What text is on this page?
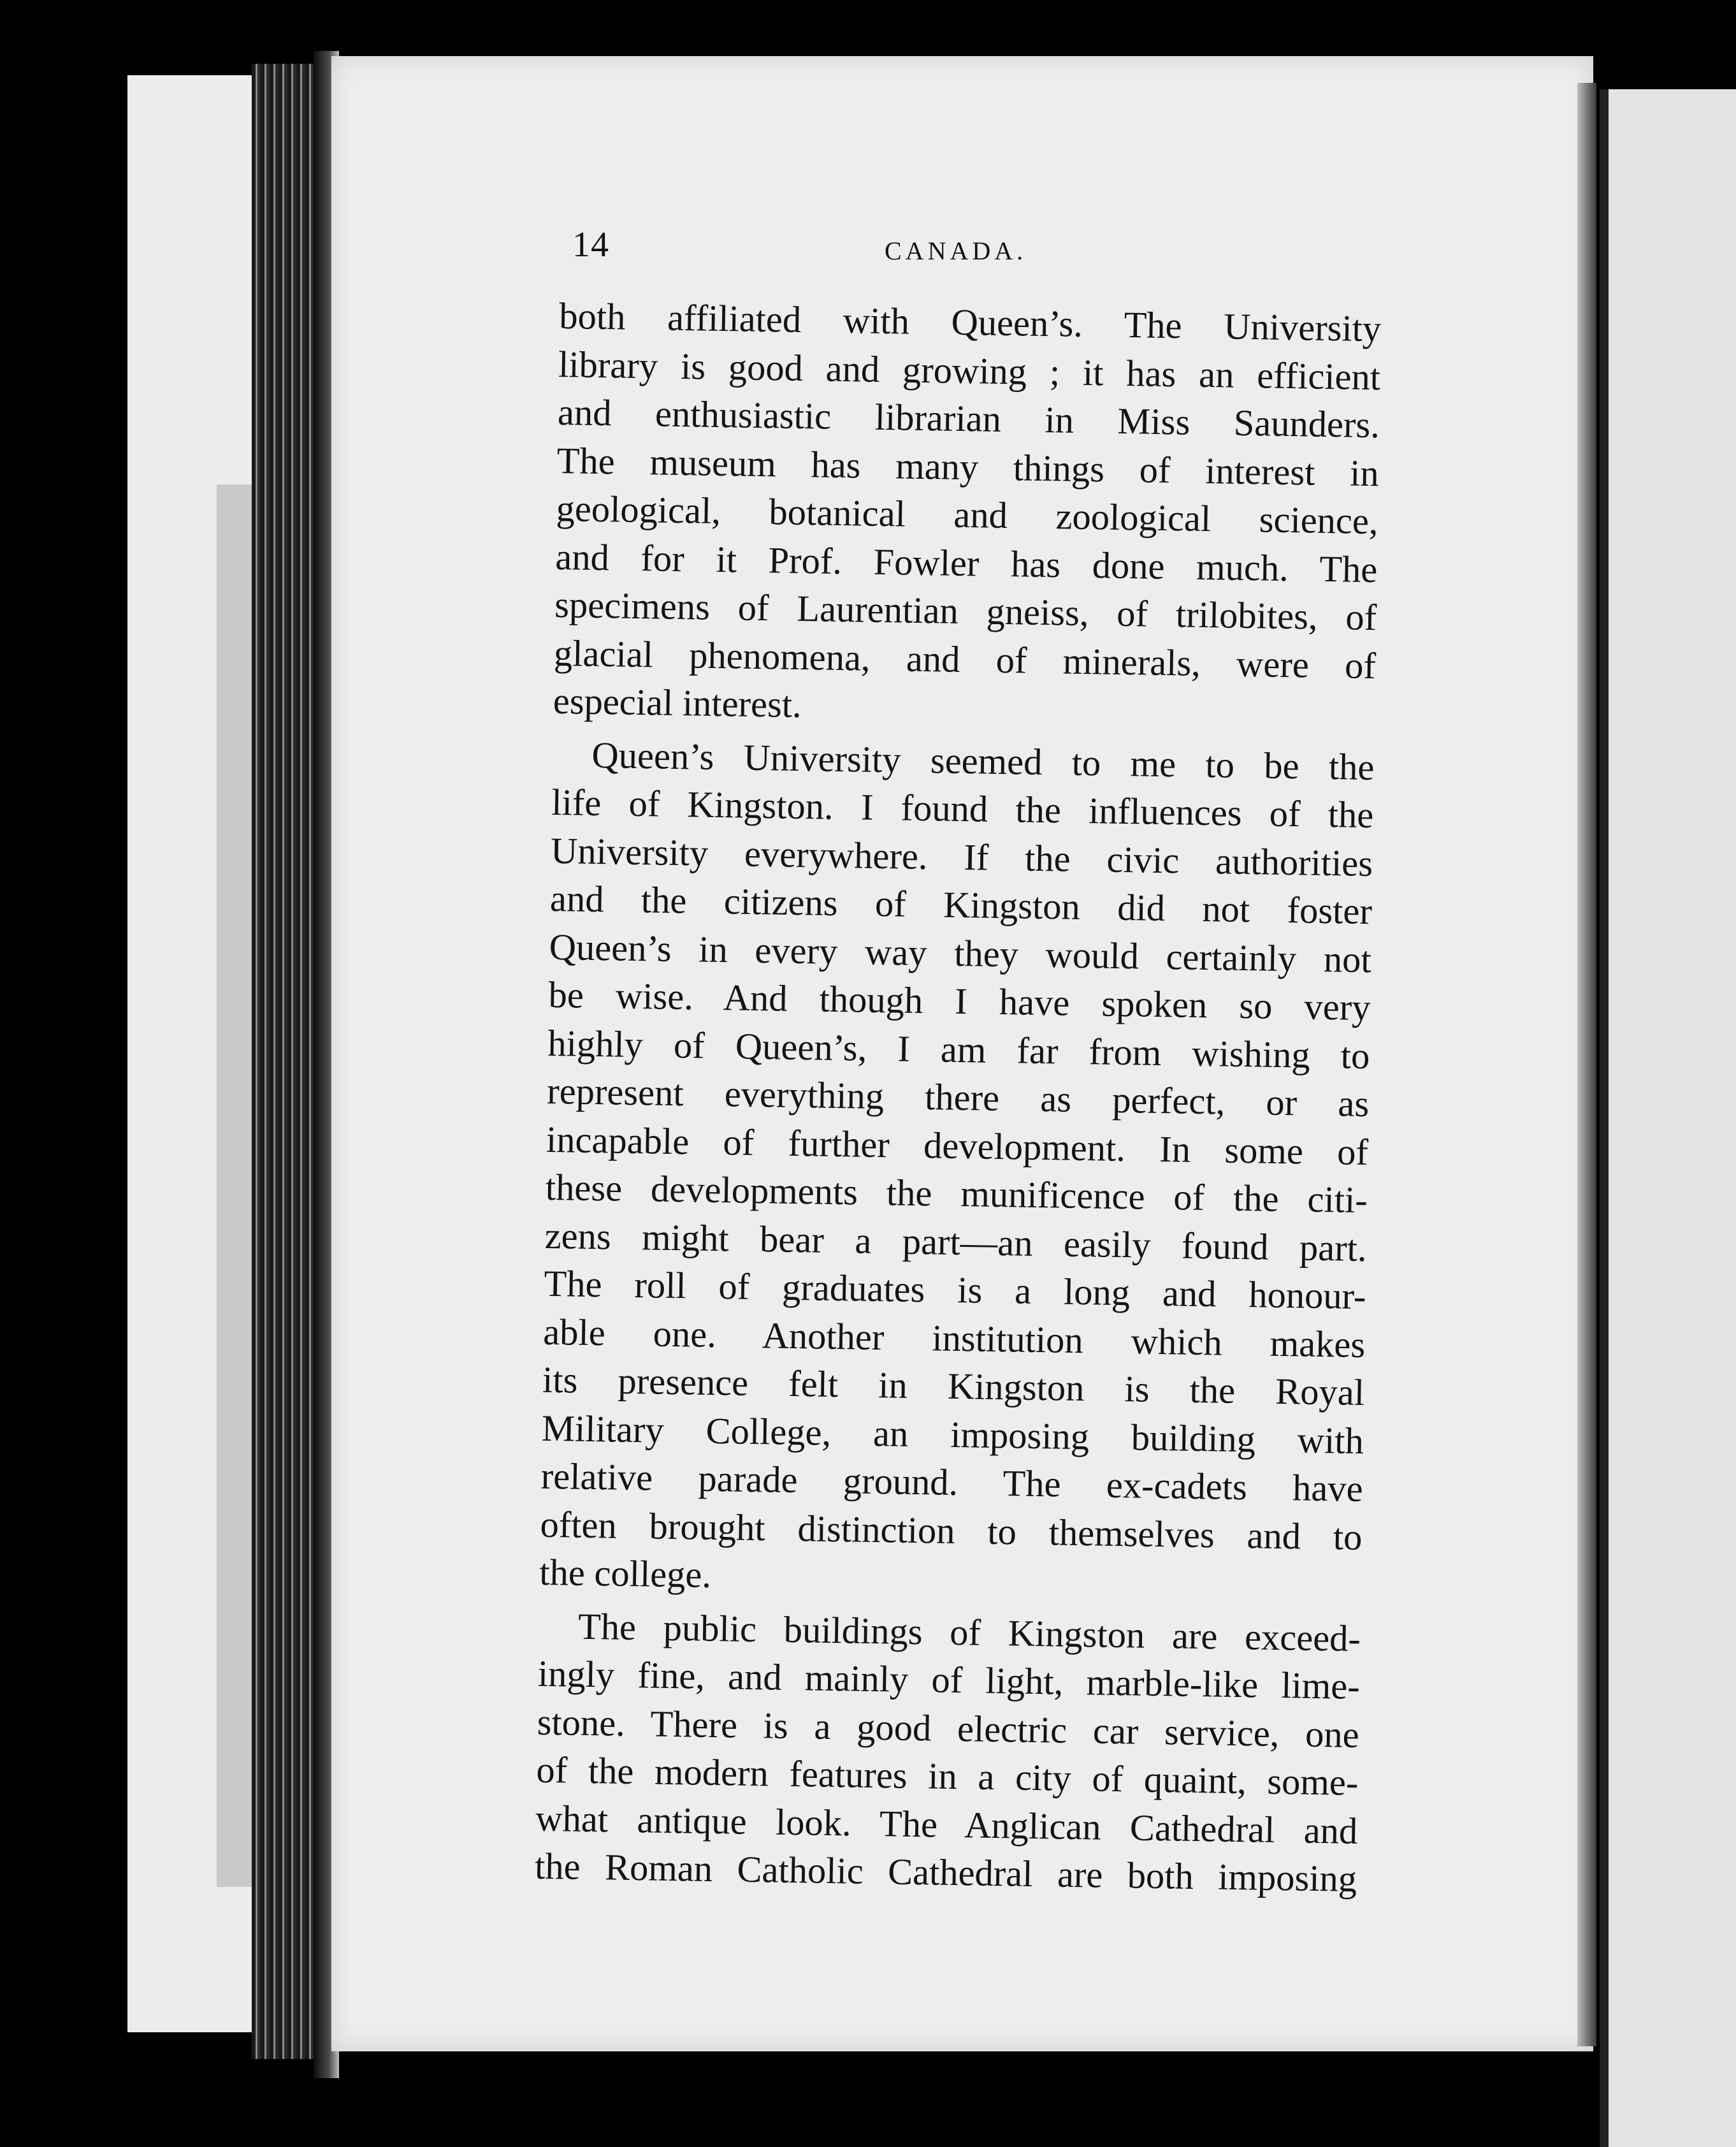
14	CANADA.
both affiliated with Queen’s. The University
library is good and growing ; it has an efficient
and enthusiastic librarian in Miss Saunders.
The museum has many things of interest in
geological, botanical and zoological science,
and for it Prof. Fowler has done much. The
specimens of Laurentian gneiss, of trilobites, of
glacial phenomena, and of minerals, were of
especial interest.
Queen’s University seemed to me to be the
life of Kingston. I found the influences of the
University everywhere. If the civic authorities
and the citizens of Kingston did not foster
Queen’s in every way they would certainly not
be wise. And though I have spoken so very
highly of Queen’s, I am far from wishing to
represent everything there as perfect, or as
incapable of further development. In some of
these developments the munificence of the citi-
zens might bear a part—an easily found part.
The roll of graduates is a long and honour-
able one. Another institution which makes
its presence felt in Kingston is the Royal
Military College, an imposing building with
relative parade ground. The ex-cadets have
often brought distinction to themselves and to
the college.
The public buildings of Kingston are exceed-
ingly fine, and mainly of light, marble-like lime-
stone. There is a good electric car service, one
of the modern features in a city of quaint, some-
what antique look. The Anglican Cathedral and
the Roman Catholic Cathedral are both imposing
